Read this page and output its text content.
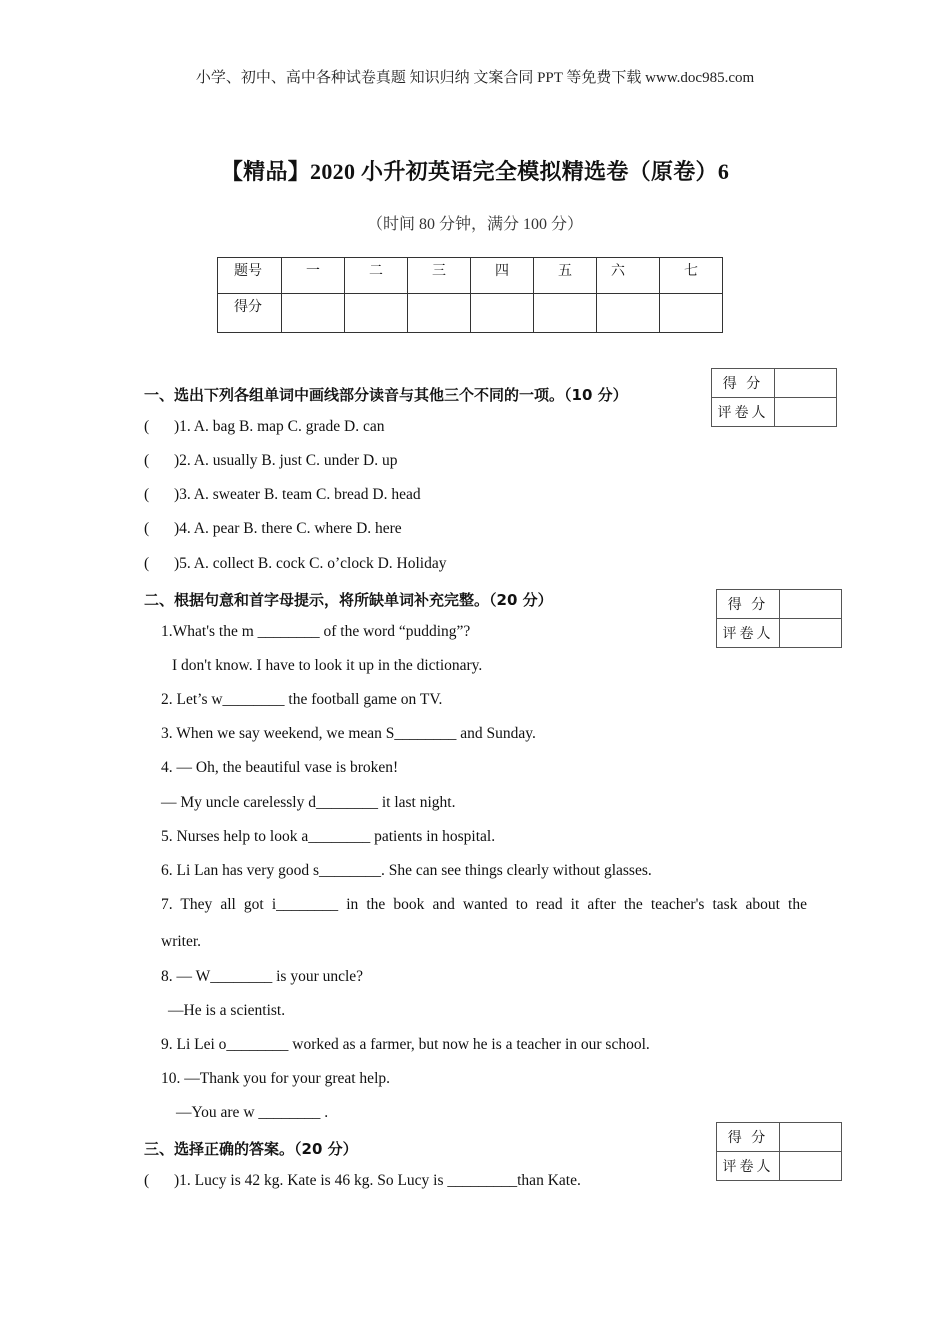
小学、初中、高中各种试卷真题 知识归纳 文案合同 PPT 等免费下载 www.doc985.com
【精品】2020 小升初英语完全模拟精选卷（原卷）6
（时间 80 分钟，满分 100 分）
题号	一	二	三	四	五	六	七
得分							
得 分	
评卷人	
一、选出下列各组单词中画线部分读音与其他三个不同的一项。（10 分）
( )1. A. bag B. map C. grade D. can
( )2. A. usually B. just C. under D. up
( )3. A. sweater B. team C. bread D. head
( )4. A. pear B. there C. where D. here
( )5. A. collect B. cock C. o’clock D. Holiday
得 分	
评卷人	
二、根据句意和首字母提示，将所缺单词补充完整。（20 分）
1.What's the m ________ of the word “pudding”?
I don't know. I have to look it up in the dictionary.
2. Let’s w________ the football game on TV.
3. When we say weekend, we mean S________ and Sunday.
4. — Oh, the beautiful vase is broken!
— My uncle carelessly d________ it last night.
5. Nurses help to look a________ patients in hospital.
6. Li Lan has very good s________. She can see things clearly without glasses.
7. They all got i________ in the book and wanted to read it after the teacher's task about the
writer.
8. — W________ is your uncle?
—He is a scientist.
9. Li Lei o________ worked as a farmer, but now he is a teacher in our school.
10. —Thank you for your great help.
—You are w ________ .
得 分	
评卷人	
三、选择正确的答案。（20 分）
( )1. Lucy is 42 kg. Kate is 46 kg. So Lucy is _________than Kate.
